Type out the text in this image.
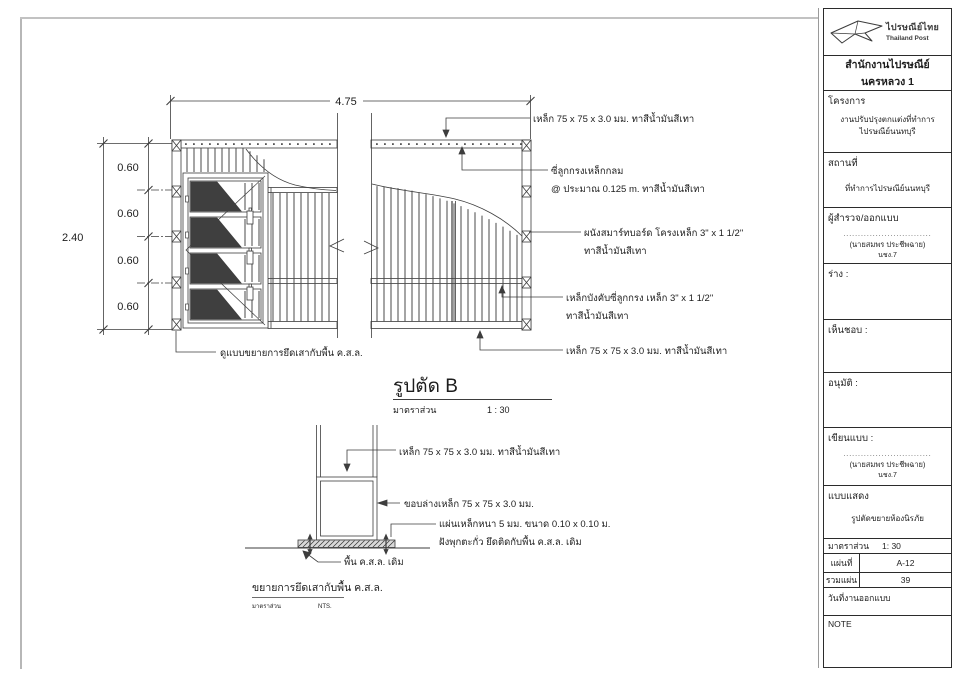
4.75
2.40
0.60
0.60
0.60
0.60
เหล็ก 75 x 75 x 3.0 มม. ทาสีน้ำมันสีเทา
ซี่ลูกกรงเหล็กกลม
@ ประมาณ 0.125 m. ทาสีน้ำมันสีเทา
ผนังสมาร์ทบอร์ด โครงเหล็ก 3" x 1 1/2"
ทาสีน้ำมันสีเทา
เหล็กบังคับซี่ลูกกรง เหล็ก 3" x 1 1/2"
ทาสีน้ำมันสีเทา
เหล็ก 75 x 75 x 3.0 มม. ทาสีน้ำมันสีเทา
ดูแบบขยายการยึดเสากับพื้น ค.ส.ล.
รูปตัด B
มาตราส่วน	1 : 30
เหล็ก 75 x 75 x 3.0 มม. ทาสีน้ำมันสีเทา
ขอบล่างเหล็ก 75 x 75 x 3.0 มม.
แผ่นเหล็กหนา 5 มม. ขนาด 0.10 x 0.10 ม.
ฝังพุกตะกั่ว ยึดติดกับพื้น ค.ส.ล. เดิม
พื้น ค.ส.ล. เดิม
ขยายการยึดเสากับพื้น ค.ส.ล.
มาตราส่วน	NTS.
ไปรษณีย์ไทย
Thailand Post
สำนักงานไปรษณีย์นครหลวง 1
โครงการ
งานปรับปรุงตกแต่งที่ทำการ
ไปรษณีย์นนทบุรี
สถานที่
ที่ทำการไปรษณีย์นนทบุรี
ผู้สำรวจ/ออกแบบ
..............................
(นายสมพร ประชีพฉาย)
นชง.7
ร่าง :
เห็นชอบ :
อนุมัติ :
เขียนแบบ :
..............................
(นายสมพร ประชีพฉาย)
นชง.7
แบบแสดง
รูปตัดขยายห้องนิรภัย
มาตราส่วน	1: 30
แผ่นที่	A-12
รวมแผ่น	39
วันที่งานออกแบบ
NOTE
